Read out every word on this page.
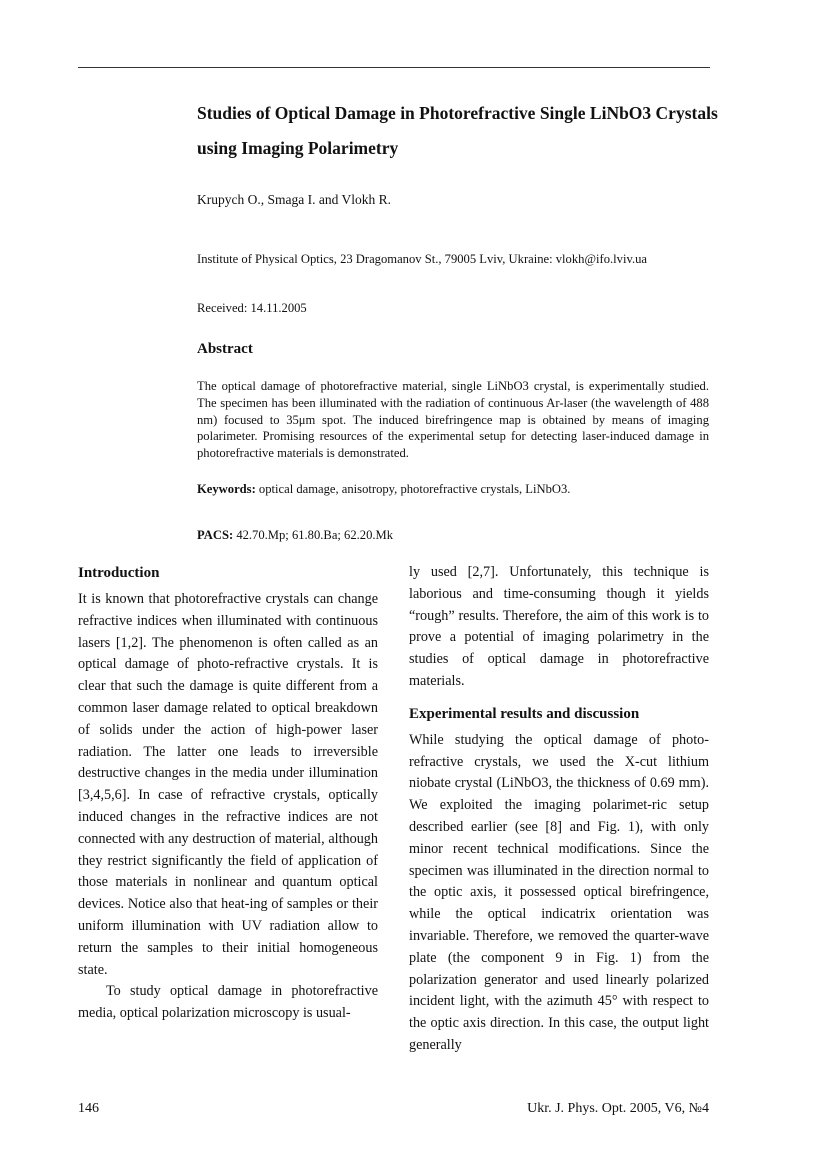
Studies of Optical Damage in Photorefractive Single LiNbO3 Crystals using Imaging Polarimetry
Krupych O., Smaga I. and Vlokh R.
Institute of Physical Optics, 23 Dragomanov St., 79005 Lviv, Ukraine: vlokh@ifo.lviv.ua
Received: 14.11.2005
Abstract
The optical damage of photorefractive material, single LiNbO3 crystal, is experimentally studied. The specimen has been illuminated with the radiation of continuous Ar-laser (the wavelength of 488 nm) focused to 35μm spot. The induced birefringence map is obtained by means of imaging polarimeter. Promising resources of the experimental setup for detecting laser-induced damage in photorefractive materials is demonstrated.
Keywords: optical damage, anisotropy, photorefractive crystals, LiNbO3.
PACS: 42.70.Mp; 61.80.Ba; 62.20.Mk
Introduction

It is known that photorefractive crystals can change refractive indices when illuminated with continuous lasers [1,2]. The phenomenon is often called as an optical damage of photo-refractive crystals. It is clear that such the damage is quite different from a common laser damage related to optical breakdown of solids under the action of high-power laser radiation. The latter one leads to irreversible destructive changes in the media under illumination [3,4,5,6]. In case of refractive crystals, optically induced changes in the refractive indices are not connected with any destruction of material, although they restrict significantly the field of application of those materials in nonlinear and quantum optical devices. Notice also that heat-ing of samples or their uniform illumination with UV radiation allow to return the samples to their initial homogeneous state.

To study optical damage in photorefractive media, optical polarization microscopy is usual-

ly used [2,7]. Unfortunately, this technique is laborious and time-consuming though it yields “rough” results. Therefore, the aim of this work is to prove a potential of imaging polarimetry in the studies of optical damage in photorefractive materials.

Experimental results and discussion

While studying the optical damage of photo-refractive crystals, we used the X-cut lithium niobate crystal (LiNbO3, the thickness of 0.69 mm). We exploited the imaging polarimet-ric setup described earlier (see [8] and Fig. 1), with only minor recent technical modifications. Since the specimen was illuminated in the direction normal to the optic axis, it possessed optical birefringence, while the optical indicatrix orientation was invariable. Therefore, we removed the quarter-wave plate (the component 9 in Fig. 1) from the polarization generator and used linearly polarized incident light, with the azimuth 45° with respect to the optic axis direction. In this case, the output light generally

146	Ukr. J. Phys. Opt. 2005, V6, №4
